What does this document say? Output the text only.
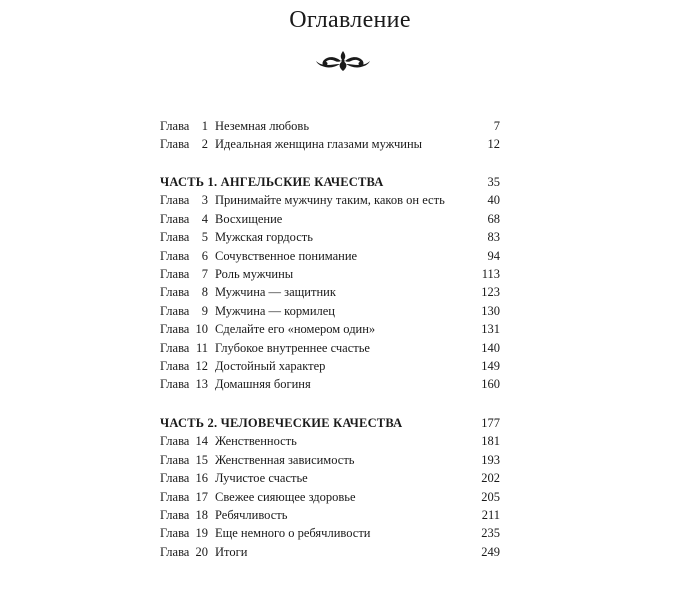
Оглавление
Глава 1 Неземная любовь	7
Глава 2 Идеальная женщина глазами мужчины	12
ЧАСТЬ 1. АНГЕЛЬСКИЕ КАЧЕСТВА	35
Глава 3 Принимайте мужчину таким, каков он есть	40
Глава 4 Восхищение	68
Глава 5 Мужская гордость	83
Глава 6 Сочувственное понимание	94
Глава 7 Роль мужчины	113
Глава 8 Мужчина — защитник	123
Глава 9 Мужчина — кормилец	130
Глава 10 Сделайте его «номером один»	131
Глава 11 Глубокое внутреннее счастье	140
Глава 12 Достойный характер	149
Глава 13 Домашняя богиня	160
ЧАСТЬ 2. ЧЕЛОВЕЧЕСКИЕ КАЧЕСТВА	177
Глава 14 Женственность	181
Глава 15 Женственная зависимость	193
Глава 16 Лучистое счастье	202
Глава 17 Свежее сияющее здоровье	205
Глава 18 Ребячливость	211
Глава 19 Еще немного о ребячливости	235
Глава 20 Итоги	249
